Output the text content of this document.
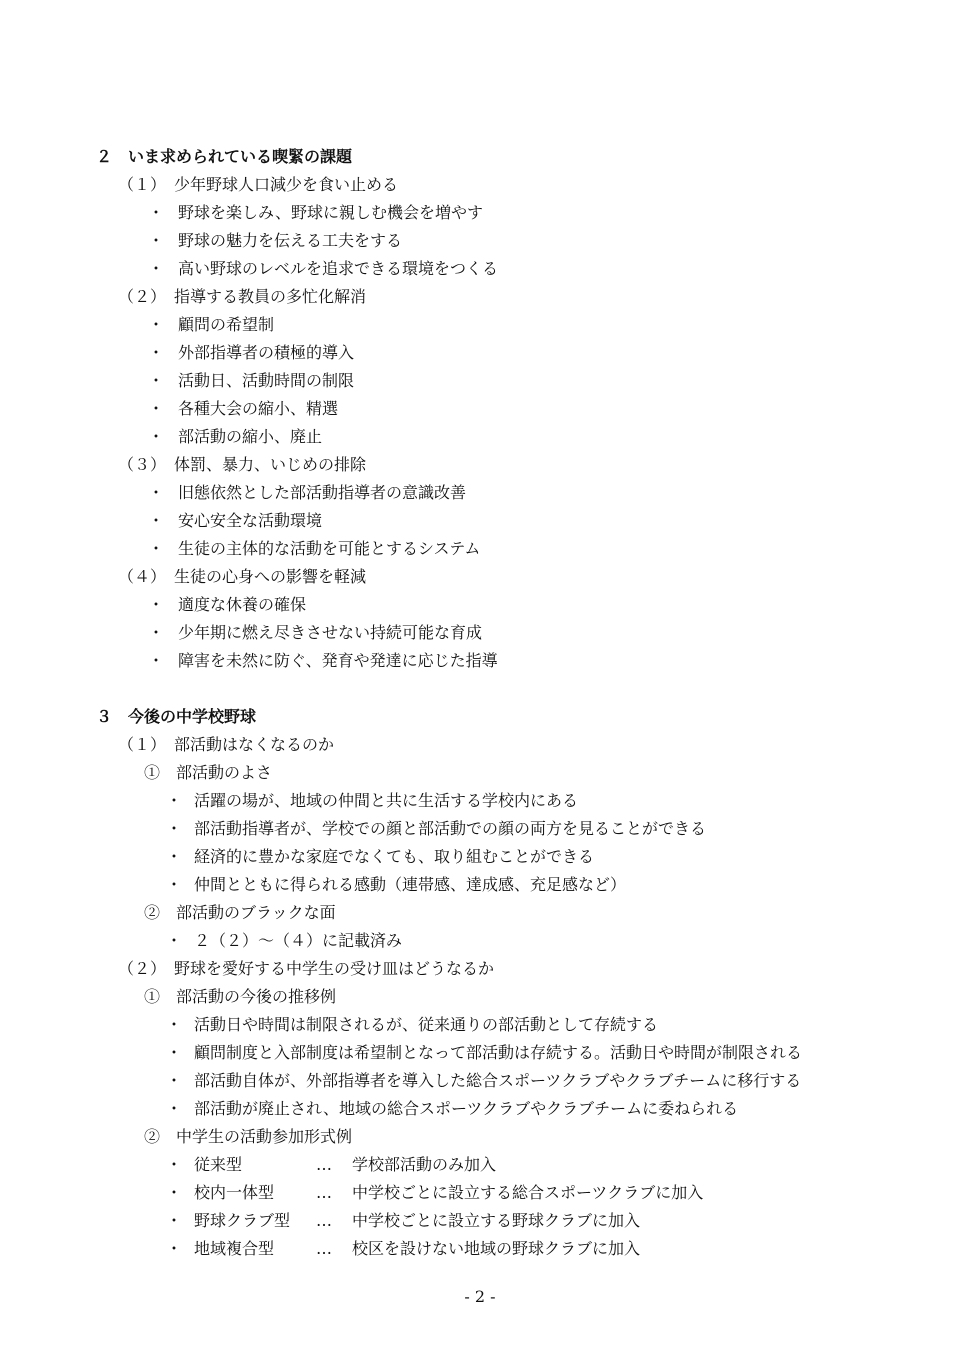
２　いま求められている喫緊の課題
（１）　少年野球人口減少を食い止める
・ 野球を楽しみ、野球に親しむ機会を増やす
・ 野球の魅力を伝える工夫をする
・ 高い野球のレベルを追求できる環境をつくる
（２）　指導する教員の多忙化解消
・ 顧問の希望制
・ 外部指導者の積極的導入
・ 活動日、活動時間の制限
・ 各種大会の縮小、精選
・ 部活動の縮小、廃止
（３）　体罰、暴力、いじめの排除
・ 旧態依然とした部活動指導者の意識改善
・ 安心安全な活動環境
・ 生徒の主体的な活動を可能とするシステム
（４）　生徒の心身への影響を軽減
・ 適度な休養の確保
・ 少年期に燃え尽きさせない持続可能な育成
・ 障害を未然に防ぐ、発育や発達に応じた指導
３　今後の中学校野球
（１）　部活動はなくなるのか
①　部活動のよさ
・ 活躍の場が、地域の仲間と共に生活する学校内にある
・ 部活動指導者が、学校での顔と部活動での顔の両方を見ることができる
・ 経済的に豊かな家庭でなくても、取り組むことができる
・ 仲間とともに得られる感動（連帯感、達成感、充足感など）
②　部活動のブラックな面
・ ２（２）～（４）に記載済み
（２）　野球を愛好する中学生の受け皿はどうなるか
①　部活動の今後の推移例
・ 活動日や時間は制限されるが、従来通りの部活動として存続する
・ 顧問制度と入部制度は希望制となって部活動は存続する。活動日や時間が制限される
・ 部活動自体が、外部指導者を導入した総合スポーツクラブやクラブチームに移行する
・ 部活動が廃止され、地域の総合スポーツクラブやクラブチームに委ねられる
②　中学生の活動参加形式例
・ 従来型	… 学校部活動のみ加入
・ 校内一体型	… 中学校ごとに設立する総合スポーツクラブに加入
・ 野球クラブ型 … 中学校ごとに設立する野球クラブに加入
・ 地域複合型	… 校区を設けない地域の野球クラブに加入
- 2 -
